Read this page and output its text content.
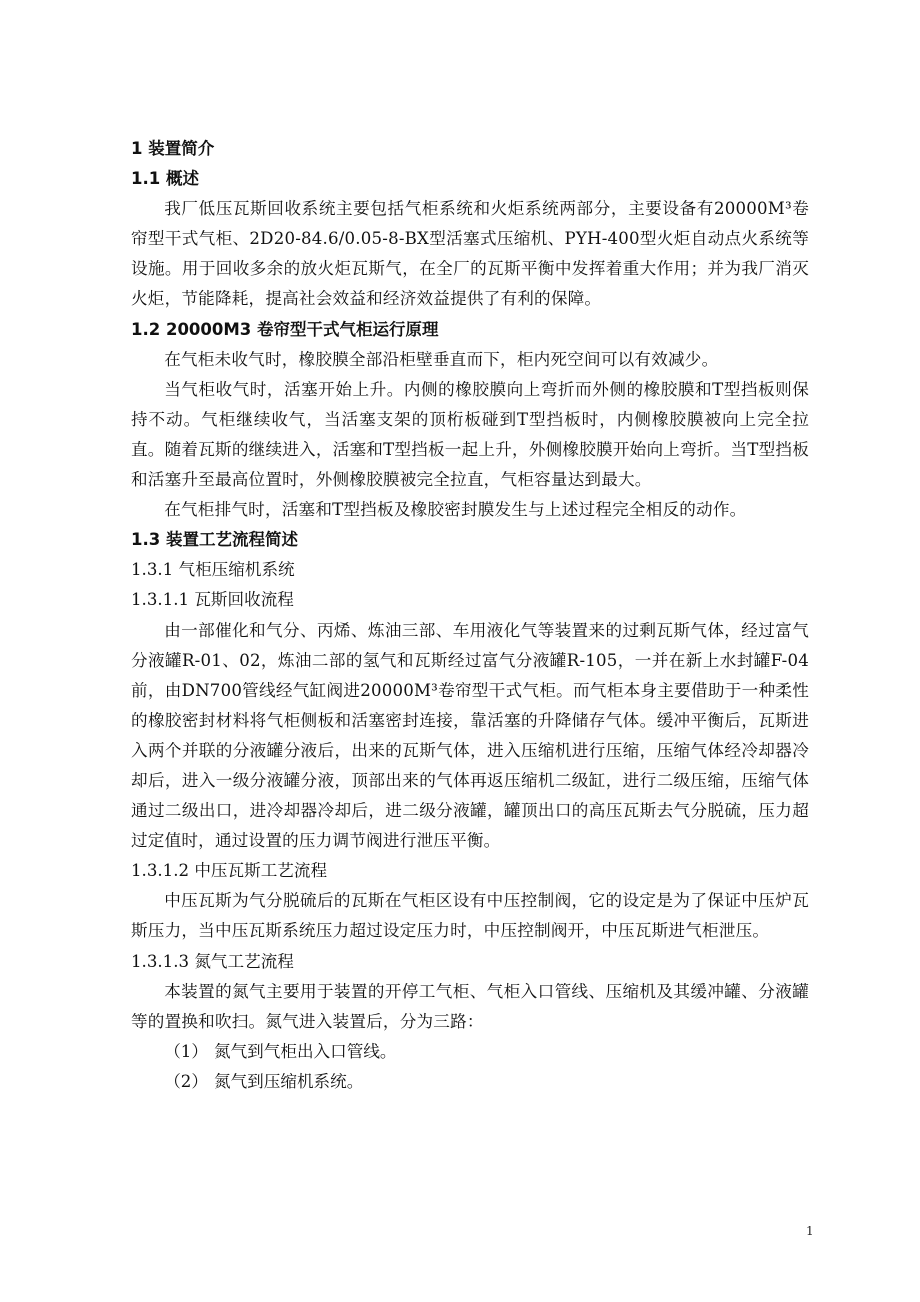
1 装置简介
1.1 概述

我厂低压瓦斯回收系统主要包括气柜系统和火炬系统两部分，主要设备有20000M³卷帘型干式气柜、2D20-84.6/0.05-8-BX型活塞式压缩机、PYH-400型火炬自动点火系统等设施。用于回收多余的放火炬瓦斯气，在全厂的瓦斯平衡中发挥着重大作用；并为我厂消灭火炬，节能降耗，提高社会效益和经济效益提供了有利的保障。

1.2 20000M3 卷帘型干式气柜运行原理

在气柜未收气时，橡胶膜全部沿柜壁垂直而下，柜内死空间可以有效减少。

当气柜收气时，活塞开始上升。内侧的橡胶膜向上弯折而外侧的橡胶膜和T型挡板则保持不动。气柜继续收气，当活塞支架的顶桁板碰到T型挡板时，内侧橡胶膜被向上完全拉直。随着瓦斯的继续进入，活塞和T型挡板一起上升，外侧橡胶膜开始向上弯折。当T型挡板和活塞升至最高位置时，外侧橡胶膜被完全拉直，气柜容量达到最大。

在气柜排气时，活塞和T型挡板及橡胶密封膜发生与上述过程完全相反的动作。

1.3 装置工艺流程简述
1.3.1 气柜压缩机系统
1.3.1.1 瓦斯回收流程

由一部催化和气分、丙烯、炼油三部、车用液化气等装置来的过剩瓦斯气体，经过富气分液罐R-01、02，炼油二部的氢气和瓦斯经过富气分液罐R-105，一并在新上水封罐F-04前，由DN700管线经气缸阀进20000M³卷帘型干式气柜。而气柜本身主要借助于一种柔性的橡胶密封材料将气柜侧板和活塞密封连接，靠活塞的升降储存气体。缓冲平衡后，瓦斯进入两个并联的分液罐分液后，出来的瓦斯气体，进入压缩机进行压缩，压缩气体经冷却器冷却后，进入一级分液罐分液，顶部出来的气体再返压缩机二级缸，进行二级压缩，压缩气体通过二级出口，进冷却器冷却后，进二级分液罐，罐顶出口的高压瓦斯去气分脱硫，压力超过定值时，通过设置的压力调节阀进行泄压平衡。

1.3.1.2 中压瓦斯工艺流程

中压瓦斯为气分脱硫后的瓦斯在气柜区设有中压控制阀，它的设定是为了保证中压炉瓦斯压力，当中压瓦斯系统压力超过设定压力时，中压控制阀开，中压瓦斯进气柜泄压。

1.3.1.3 氮气工艺流程

本装置的氮气主要用于装置的开停工气柜、气柜入口管线、压缩机及其缓冲罐、分液罐等的置换和吹扫。氮气进入装置后，分为三路：

（1） 氮气到气柜出入口管线。
（2） 氮气到压缩机系统。
1
